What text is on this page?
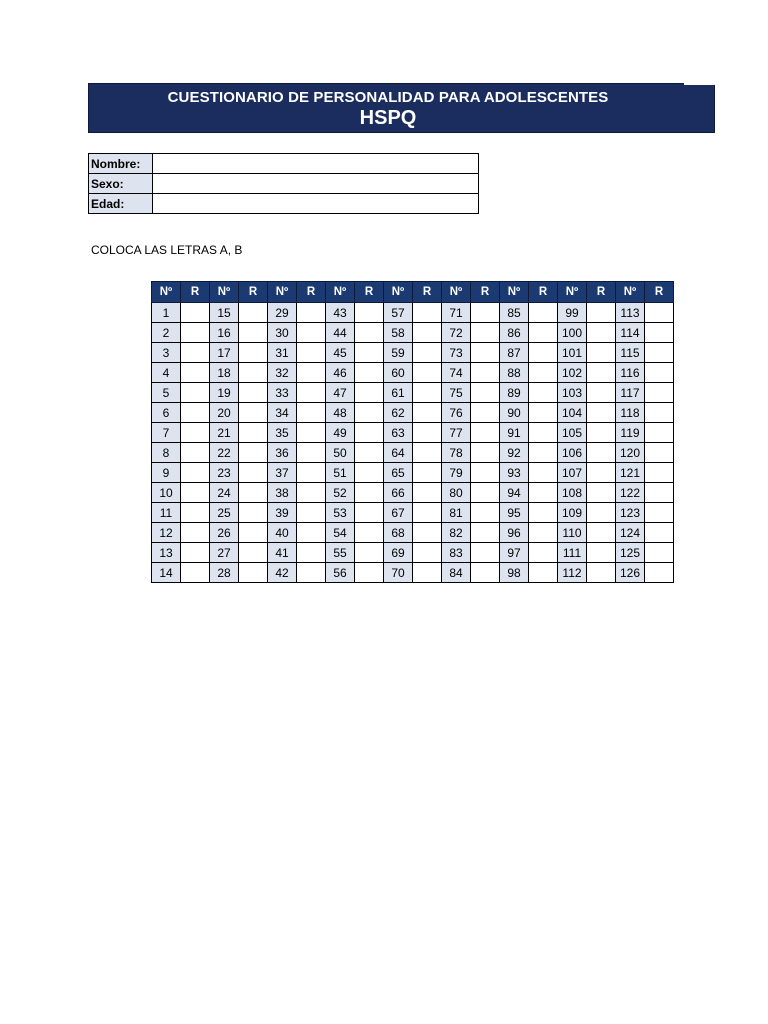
CUESTIONARIO DE PERSONALIDAD PARA ADOLESCENTES
HSPQ
Nombre:	
Sexo:	
Edad:	
COLOCA LAS LETRAS A, B
Nº	R	Nº	R	Nº	R	Nº	R	Nº	R	Nº	R	Nº	R	Nº	R	Nº	R
1		15		29		43		57		71		85		99		113	
2		16		30		44		58		72		86		100		114	
3		17		31		45		59		73		87		101		115	
4		18		32		46		60		74		88		102		116	
5		19		33		47		61		75		89		103		117	
6		20		34		48		62		76		90		104		118	
7		21		35		49		63		77		91		105		119	
8		22		36		50		64		78		92		106		120	
9		23		37		51		65		79		93		107		121	
10		24		38		52		66		80		94		108		122	
11		25		39		53		67		81		95		109		123	
12		26		40		54		68		82		96		110		124	
13		27		41		55		69		83		97		111		125	
14		28		42		56		70		84		98		112		126	
